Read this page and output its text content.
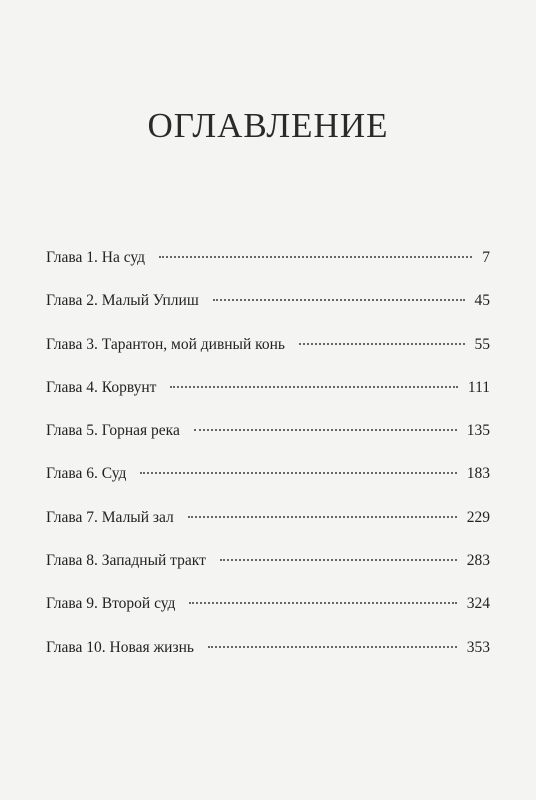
ОГЛАВЛЕНИЕ
Глава 1. На суд	7
Глава 2. Малый Уплиш	45
Глава 3. Тарантон, мой дивный конь	55
Глава 4. Корвунт	111
Глава 5. Горная река	135
Глава 6. Суд	183
Глава 7. Малый зал	229
Глава 8. Западный тракт	283
Глава 9. Второй суд	324
Глава 10. Новая жизнь	353
